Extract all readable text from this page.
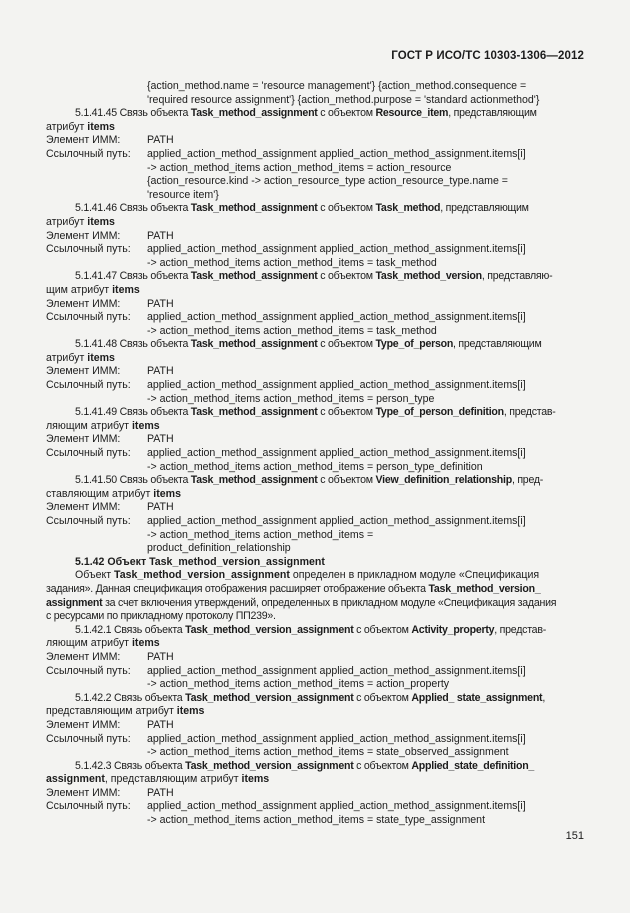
ГОСТ Р ИСО/ТС 10303-1306—2012
{action_method.name = 'resource management'} {action_method.consequence =
'required resource assignment'} {action_method.purpose = 'standard actionmethod'}
5.1.41.45 Связь объекта Task_method_assignment с объектом Resource_item, представляющим
атрибут items
Элемент ИММ:	PATH
Ссылочный путь:	applied_action_method_assignment applied_action_method_assignment.items[i]
-> action_method_items action_method_items = action_resource
{action_resource.kind -> action_resource_type action_resource_type.name =
'resource item'}
5.1.41.46 Связь объекта Task_method_assignment с объектом Task_method, представляющим
атрибут items
Элемент ИММ:	PATH
Ссылочный путь:	applied_action_method_assignment applied_action_method_assignment.items[i]
-> action_method_items action_method_items = task_method
5.1.41.47 Связь объекта Task_method_assignment с объектом Task_method_version, представляю-
щим атрибут items
Элемент ИММ:	PATH
Ссылочный путь:	applied_action_method_assignment applied_action_method_assignment.items[i]
-> action_method_items action_method_items = task_method
5.1.41.48 Связь объекта Task_method_assignment с объектом Type_of_person, представляющим
атрибут items
Элемент ИММ:	PATH
Ссылочный путь:	applied_action_method_assignment applied_action_method_assignment.items[i]
-> action_method_items action_method_items = person_type
5.1.41.49 Связь объекта Task_method_assignment с объектом Type_of_person_definition, представ-
ляющим атрибут items
Элемент ИММ:	PATH
Ссылочный путь:	applied_action_method_assignment applied_action_method_assignment.items[i]
-> action_method_items action_method_items = person_type_definition
5.1.41.50 Связь объекта Task_method_assignment с объектом View_definition_relationship, пред-
ставляющим атрибут items
Элемент ИММ:	PATH
Ссылочный путь:	applied_action_method_assignment applied_action_method_assignment.items[i]
-> action_method_items action_method_items =
product_definition_relationship
5.1.42 Объект Task_method_version_assignment
Объект Task_method_version_assignment определен в прикладном модуле «Спецификация
задания». Данная спецификация отображения расширяет отображение объекта Task_method_version_
assignment за счет включения утверждений, определенных в прикладном модуле «Спецификация задания
с ресурсами по прикладному протоколу ПП239».
5.1.42.1 Связь объекта Task_method_version_assignment с объектом Activity_property, представ-
ляющим атрибут items
Элемент ИММ:	PATH
Ссылочный путь:	applied_action_method_assignment applied_action_method_assignment.items[i]
-> action_method_items action_method_items = action_property
5.1.42.2 Связь объекта Task_method_version_assignment с объектом Applied_ state_assignment,
представляющим атрибут items
Элемент ИММ:	PATH
Ссылочный путь:	applied_action_method_assignment applied_action_method_assignment.items[i]
-> action_method_items action_method_items = state_observed_assignment
5.1.42.3 Связь объекта Task_method_version_assignment с объектом Applied_state_definition_
assignment, представляющим атрибут items
Элемент ИММ:	PATH
Ссылочный путь:	applied_action_method_assignment applied_action_method_assignment.items[i]
-> action_method_items action_method_items = state_type_assignment
151
